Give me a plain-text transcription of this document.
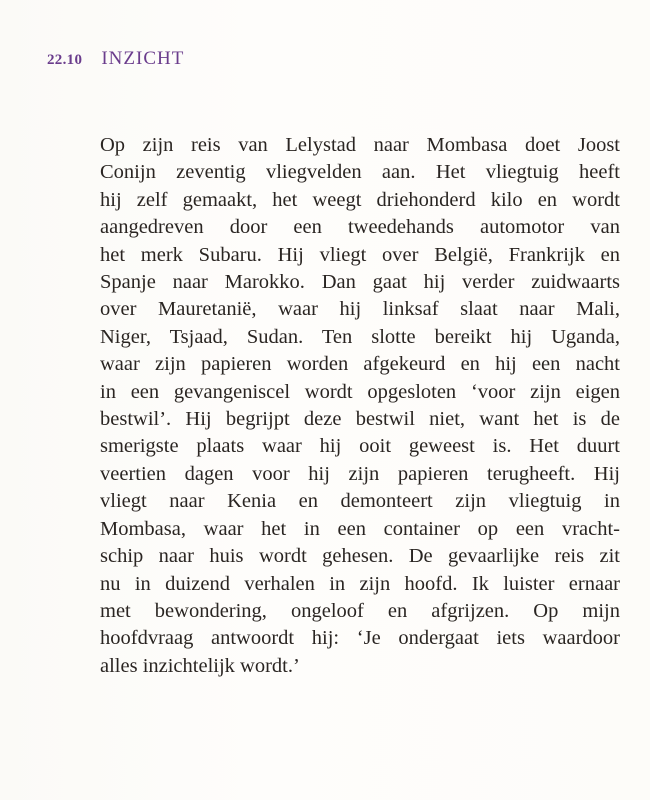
22.10 INZICHT
Op zijn reis van Lelystad naar Mombasa doet Joost
Conijn zeventig vliegvelden aan. Het vliegtuig heeft
hij zelf gemaakt, het weegt driehonderd kilo en wordt
aangedreven door een tweedehands automotor van
het merk Subaru. Hij vliegt over België, Frankrijk en
Spanje naar Marokko. Dan gaat hij verder zuidwaarts
over Mauretanië, waar hij linksaf slaat naar Mali,
Niger, Tsjaad, Sudan. Ten slotte bereikt hij Uganda,
waar zijn papieren worden afgekeurd en hij een nacht
in een gevangeniscel wordt opgesloten ‘voor zijn eigen
bestwil’. Hij begrijpt deze bestwil niet, want het is de
smerigste plaats waar hij ooit geweest is. Het duurt
veertien dagen voor hij zijn papieren terugheeft. Hij
vliegt naar Kenia en demonteert zijn vliegtuig in
Mombasa, waar het in een container op een vracht-
schip naar huis wordt gehesen. De gevaarlijke reis zit
nu in duizend verhalen in zijn hoofd. Ik luister ernaar
met bewondering, ongeloof en afgrijzen. Op mijn
hoofdvraag antwoordt hij: ‘Je ondergaat iets waardoor
alles inzichtelijk wordt.’
